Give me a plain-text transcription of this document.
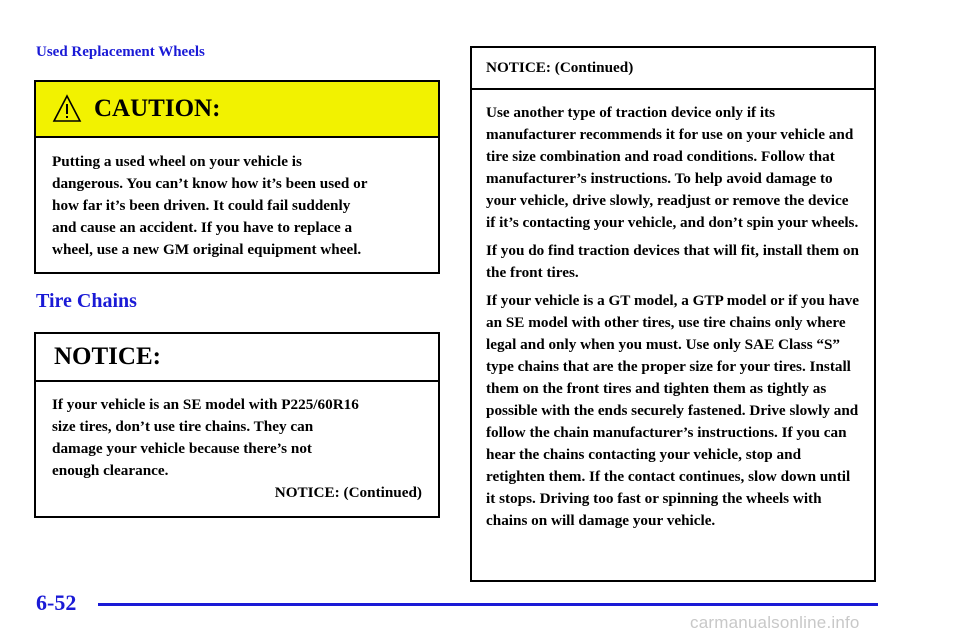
Used Replacement Wheels
CAUTION:
Putting a used wheel on your vehicle is
dangerous. You can’t know how it’s been used or
how far it’s been driven. It could fail suddenly
and cause an accident. If you have to replace a
wheel, use a new GM original equipment wheel.
Tire Chains
NOTICE:
If your vehicle is an SE model with P225/60R16
size tires, don’t use tire chains. They can
damage your vehicle because there’s not
enough clearance.
NOTICE: (Continued)
NOTICE: (Continued)

Use another type of traction device only if its manufacturer recommends it for use on your vehicle and tire size combination and road conditions. Follow that manufacturer’s instructions. To help avoid damage to your vehicle, drive slowly, readjust or remove the device if it’s contacting your vehicle, and don’t spin your wheels.

If you do find traction devices that will fit, install them on the front tires.

If your vehicle is a GT model, a GTP model or if you have an SE model with other tires, use tire chains only where legal and only when you must. Use only SAE Class “S” type chains that are the proper size for your tires. Install them on the front tires and tighten them as tightly as possible with the ends securely fastened. Drive slowly and follow the chain manufacturer’s instructions. If you can hear the chains contacting your vehicle, stop and retighten them. If the contact continues, slow down until it stops. Driving too fast or spinning the wheels with chains on will damage your vehicle.

6-52
carmanualsonline.info
